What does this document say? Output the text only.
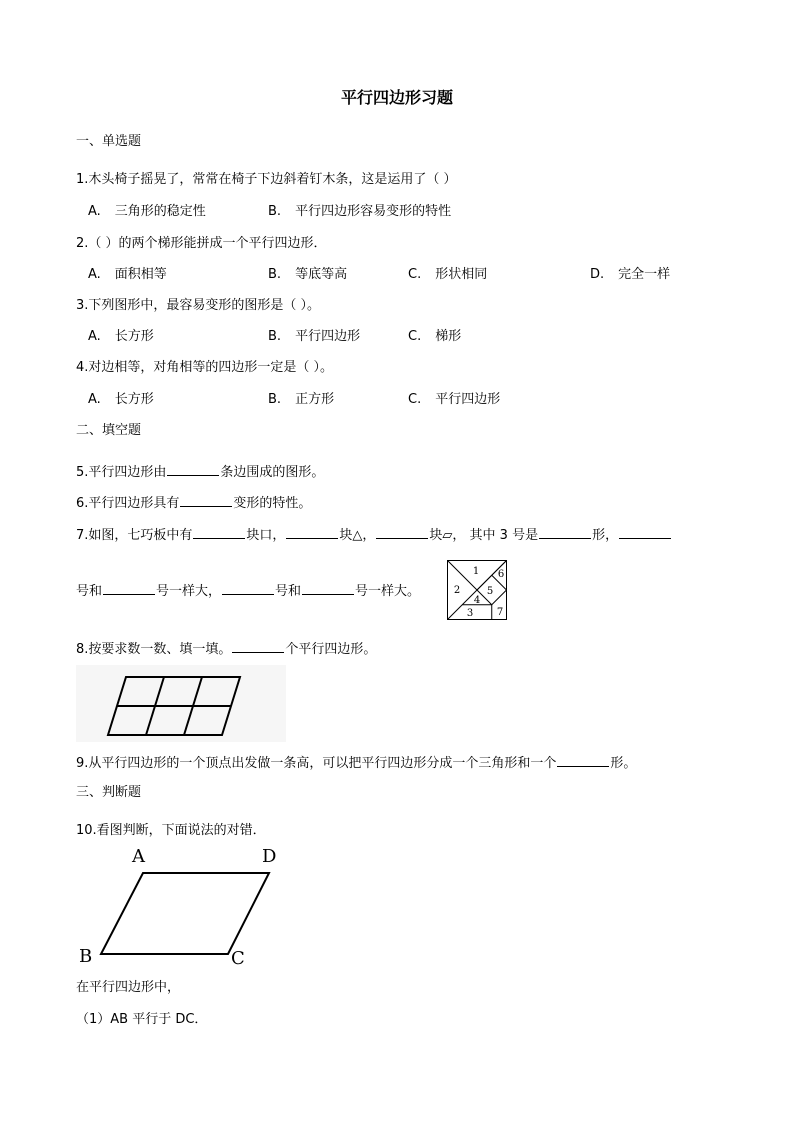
平行四边形习题
一、单选题
1.木头椅子摇晃了，常常在椅子下边斜着钉木条，这是运用了（ ）
A. 三角形的稳定性	B. 平行四边形容易变形的特性
2.（ ）的两个梯形能拼成一个平行四边形．
A. 面积相等	B. 等底等高	C. 形状相同	D. 完全一样
3.下列图形中，最容易变形的图形是（ ）。
A. 长方形	B. 平行四边形	C. 梯形
4.对边相等，对角相等的四边形一定是（ ）。
A. 长方形	B. 正方形	C. 平行四边形
二、填空题
5.平行四边形由	条边围成的图形。
6.平行四边形具有	变形的特性。
7.如图，七巧板中有	块口，	块△，	块▱， 其中 3 号是	形，
号和	号一样大，	号和	号一样大。
1
2
3
4
5
6
7
8.按要求数一数、填一填。	个平行四边形。
9.从平行四边形的一个顶点出发做一条高，可以把平行四边形分成一个三角形和一个	形。
三、判断题
10.看图判断，下面说法的对错．
A	D
B	C
在平行四边形中，
（1）AB 平行于 DC．
